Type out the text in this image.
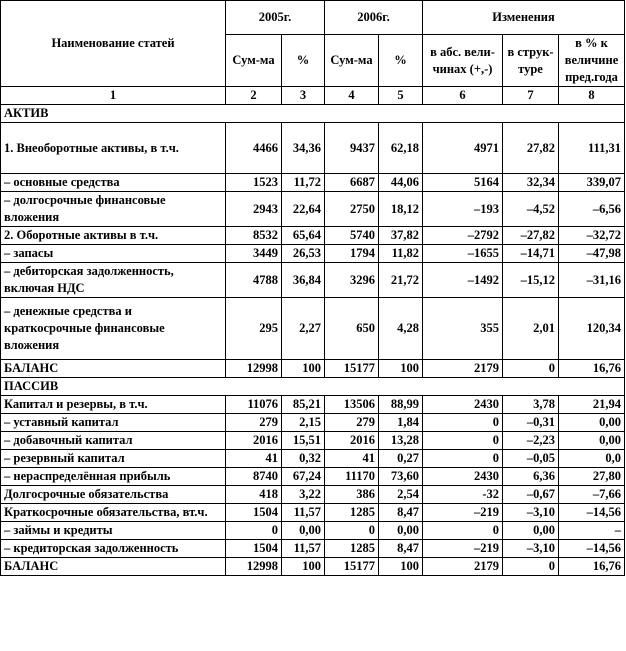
Наименование статей	2005г.		2006г.		Изменения		
	Сум-ма	%	Сум-ма	%	в абс. вели-чинах (+,-)	в струк-туре	в % к величине пред.года

1	2	3	4	5	6	7	8
АКТИВ							
1. Внеоборотные активы, в т.ч.	4466	34,36	9437	62,18	4971	27,82	111,31
– основные средства	1523	11,72	6687	44,06	5164	32,34	339,07
– долгосрочные финансовые вложения	2943	22,64	2750	18,12	–193	–4,52	–6,56
2. Оборотные активы в т.ч.	8532	65,64	5740	37,82	–2792	–27,82	–32,72
– запасы	3449	26,53	1794	11,82	–1655	–14,71	–47,98
– дебиторская задолженность, включая НДС	4788	36,84	3296	21,72	–1492	–15,12	–31,16
– денежные средства и краткосрочные финансовые вложения	295	2,27	650	4,28	355	2,01	120,34
БАЛАНС	12998	100	15177	100	2179	0	16,76
ПАССИВ							
Капитал и резервы, в т.ч.	11076	85,21	13506	88,99	2430	3,78	21,94
– уставный капитал	279	2,15	279	1,84	0	–0,31	0,00
– добавочный капитал	2016	15,51	2016	13,28	0	–2,23	0,00
– резервный капитал	41	0,32	41	0,27	0	–0,05	0,0
– нераспределённая прибыль	8740	67,24	11170	73,60	2430	6,36	27,80
Долгосрочные обязательства	418	3,22	386	2,54	-32	–0,67	–7,66
Краткосрочные обязательства, вт.ч.	1504	11,57	1285	8,47	–219	–3,10	–14,56
– займы и кредиты	0	0,00	0	0,00	0	0,00	–
– кредиторская задолженность	1504	11,57	1285	8,47	–219	–3,10	–14,56
БАЛАНС	12998	100	15177	100	2179	0	16,76
